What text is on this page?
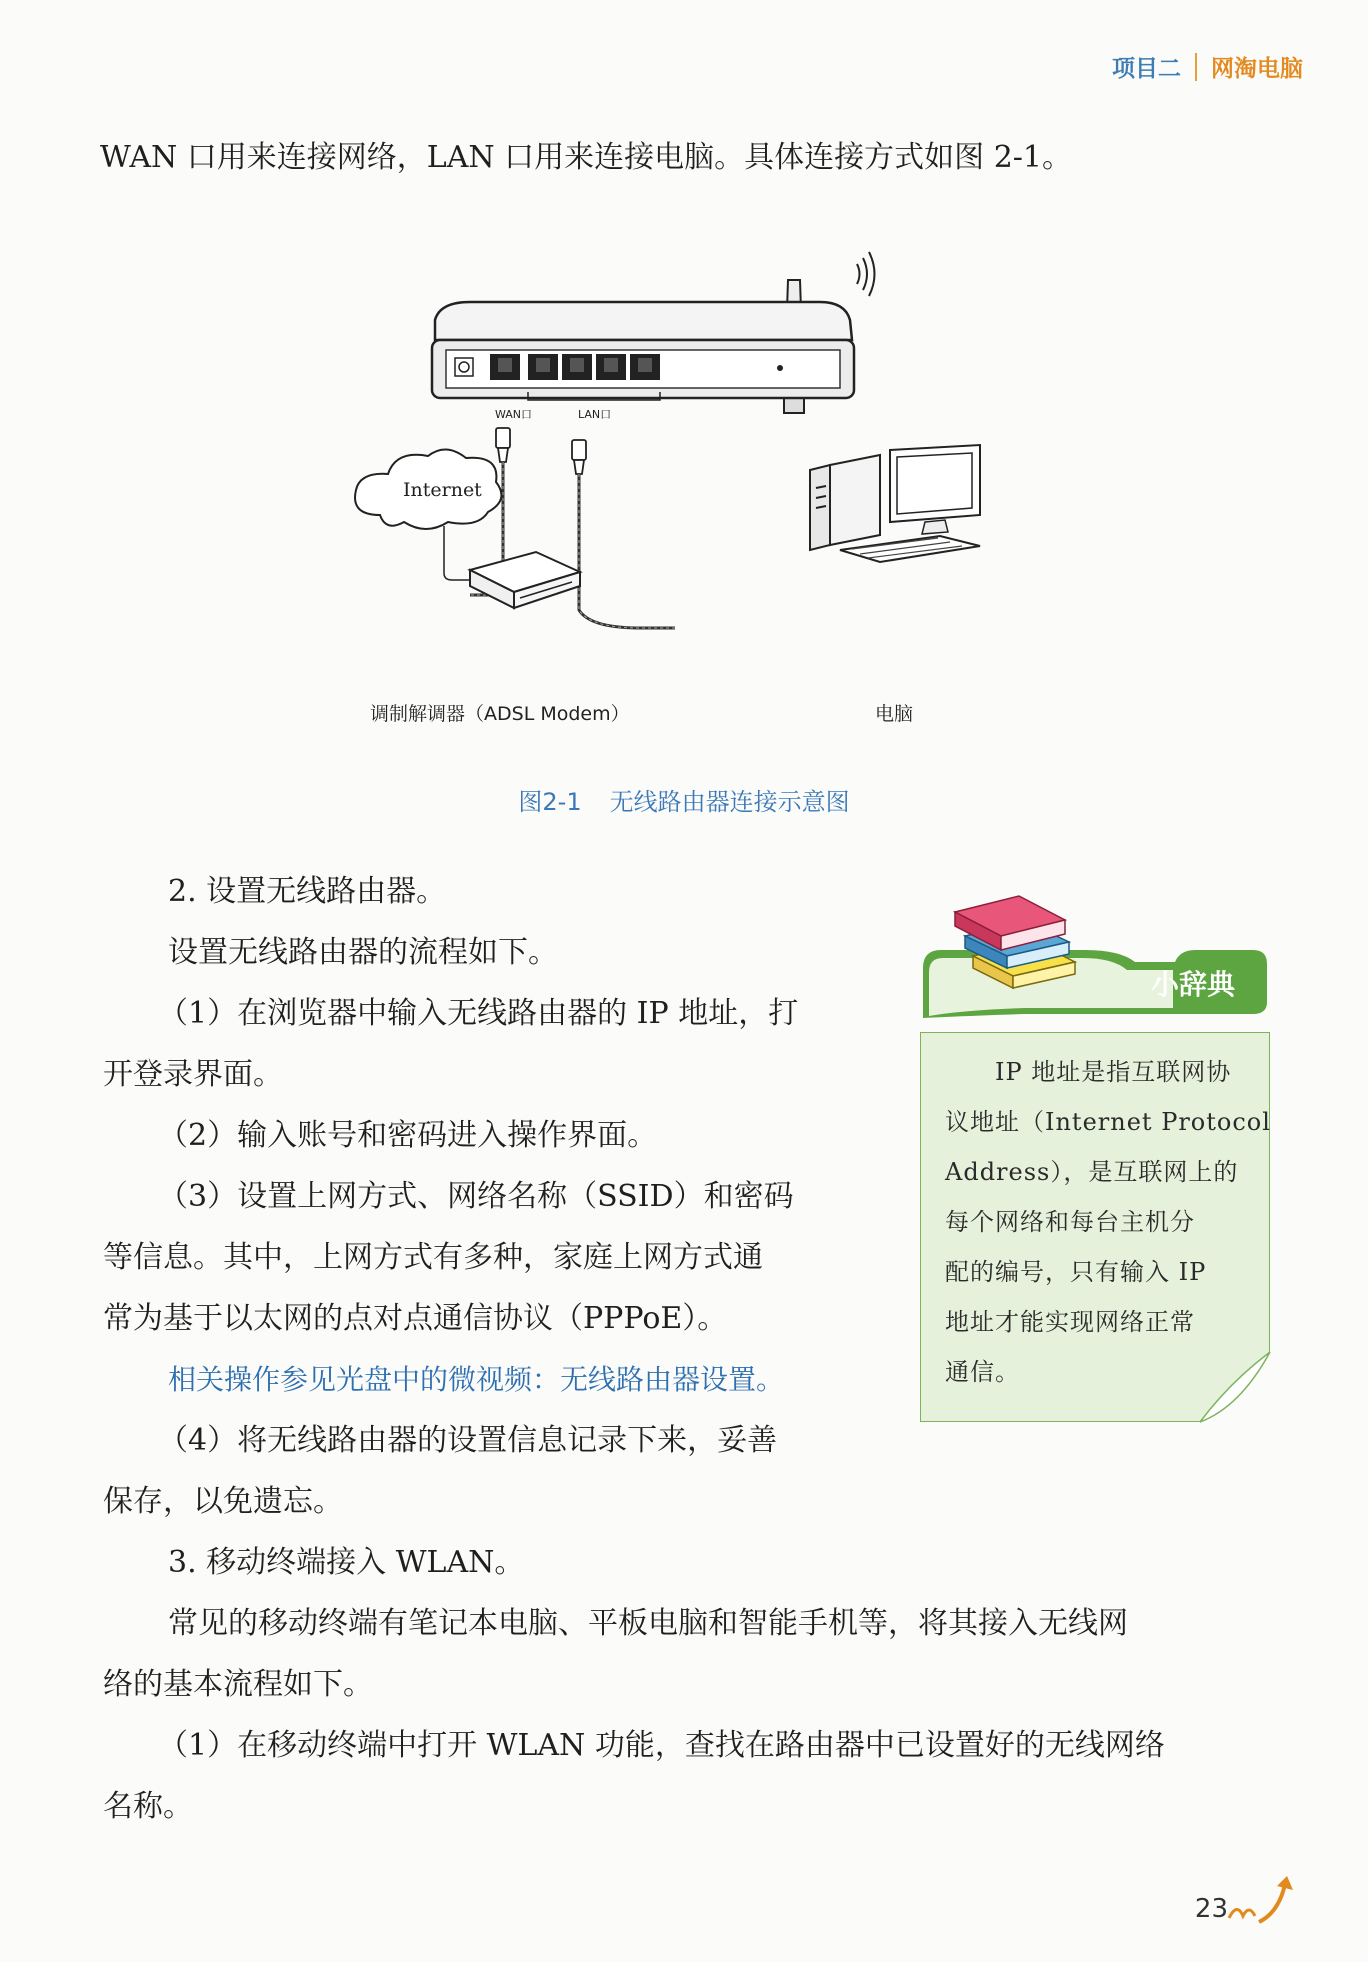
项目二 网淘电脑
WAN 口用来连接网络，LAN 口用来连接电脑。具体连接方式如图 2-1。
WAN口	LAN口
Internet
调制解调器（ADSL Modem）	电脑
图2-1 无线路由器连接示意图
2. 设置无线路由器。
设置无线路由器的流程如下。
（1）在浏览器中输入无线路由器的 IP 地址，打
开登录界面。
（2）输入账号和密码进入操作界面。
（3）设置上网方式、网络名称（SSID）和密码
等信息。其中，上网方式有多种，家庭上网方式通
常为基于以太网的点对点通信协议（PPPoE）。
相关操作参见光盘中的微视频：无线路由器设置。
（4）将无线路由器的设置信息记录下来，妥善
保存，以免遗忘。
3. 移动终端接入 WLAN。
常见的移动终端有笔记本电脑、平板电脑和智能手机等，将其接入无线网
络的基本流程如下。
（1）在移动终端中打开 WLAN 功能，查找在路由器中已设置好的无线网络
名称。
小辞典
IP 地址是指互联网协
议地址（Internet Protocol
Address），是互联网上的
每个网络和每台主机分
配的编号，只有输入 IP
地址才能实现网络正常
通信。
23
